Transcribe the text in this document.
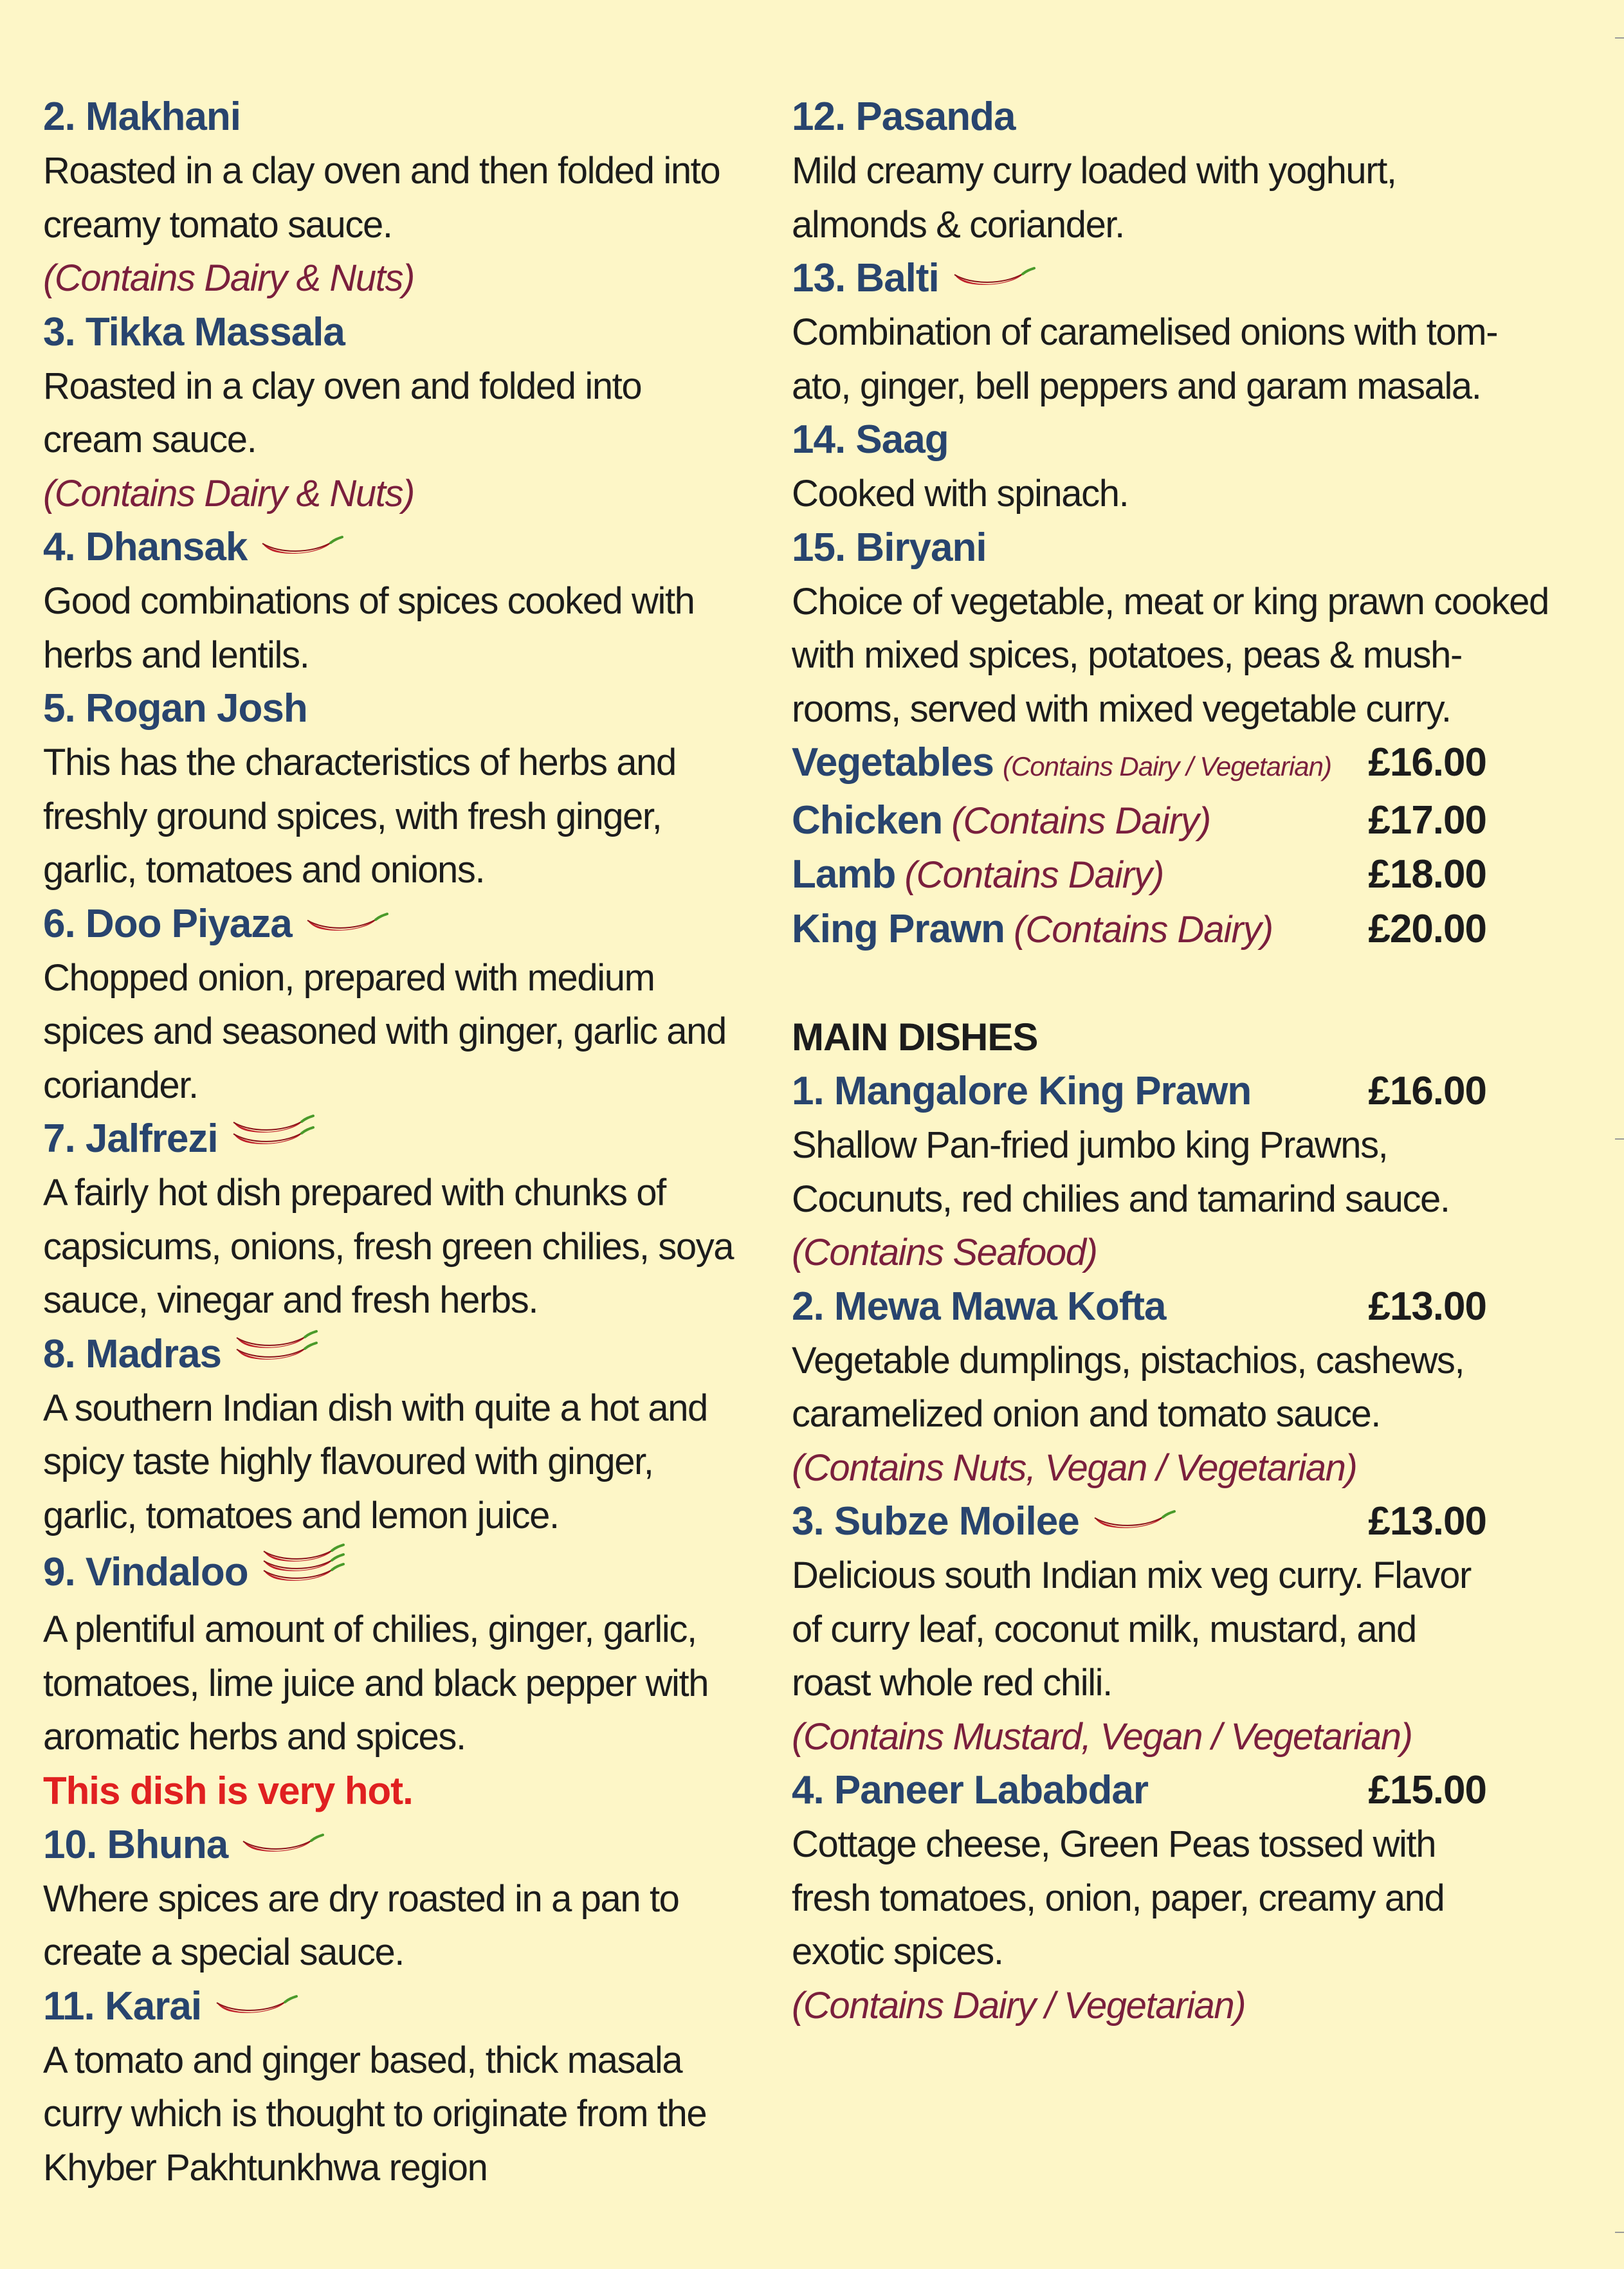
2. Makhani
Roasted in a clay oven and then folded into
creamy tomato sauce.
(Contains Dairy & Nuts)
3. Tikka Massala
Roasted in a clay oven and folded into
cream sauce.
(Contains Dairy & Nuts)
4. Dhansak
Good combinations of spices cooked with
herbs and lentils.
5. Rogan Josh
This has the characteristics of herbs and
freshly ground spices, with fresh ginger,
garlic, tomatoes and onions.
6. Doo Piyaza
Chopped onion, prepared with medium
spices and seasoned with ginger, garlic and
coriander.
7. Jalfrezi
A fairly hot dish prepared with chunks of
capsicums, onions, fresh green chilies, soya
sauce, vinegar and fresh herbs.
8. Madras
A southern Indian dish with quite a hot and
spicy taste highly flavoured with ginger,
garlic, tomatoes and lemon juice.
9. Vindaloo
A plentiful amount of chilies, ginger, garlic,
tomatoes, lime juice and black pepper with
aromatic herbs and spices.
This dish is very hot.
10. Bhuna
Where spices are dry roasted in a pan to
create a special sauce.
11. Karai
A tomato and ginger based, thick masala
curry which is thought to originate from the
Khyber Pakhtunkhwa region
12. Pasanda
Mild creamy curry loaded with yoghurt,
almonds & coriander.
13. Balti
Combination of caramelised onions with tom-
ato, ginger, bell peppers and garam masala.
14. Saag
Cooked with spinach.
15. Biryani
Choice of vegetable, meat or king prawn cooked
with mixed spices, potatoes, peas & mush-
rooms, served with mixed vegetable curry.
Vegetables (Contains Dairy / Vegetarian) £16.00
Chicken (Contains Dairy)	£17.00
Lamb (Contains Dairy)	£18.00
King Prawn (Contains Dairy) £20.00
MAIN DISHES
1. Mangalore King Prawn	£16.00
Shallow Pan-fried jumbo king Prawns,
Cocunuts, red chilies and tamarind sauce.
(Contains Seafood)
2. Mewa Mawa Kofta	£13.00
Vegetable dumplings, pistachios, cashews,
caramelized onion and tomato sauce.
(Contains Nuts, Vegan / Vegetarian)
3. Subze Moilee	£13.00
Delicious south Indian mix veg curry. Flavor
of curry leaf, coconut milk, mustard, and
roast whole red chili.
(Contains Mustard, Vegan / Vegetarian)
4. Paneer Lababdar	£15.00
Cottage cheese, Green Peas tossed with
fresh tomatoes, onion, paper, creamy and
exotic spices.
(Contains Dairy / Vegetarian)
